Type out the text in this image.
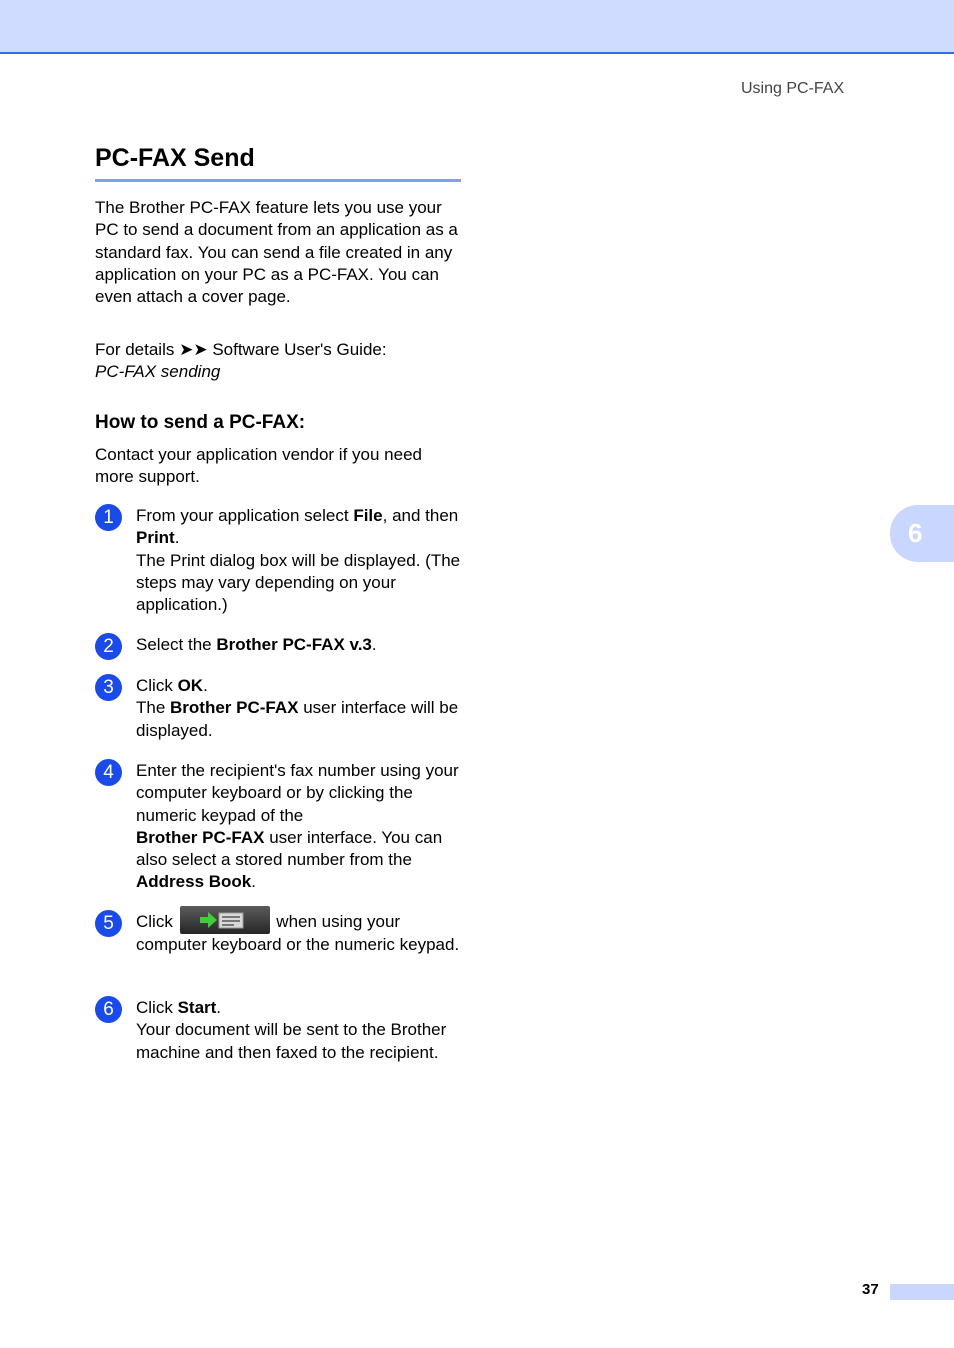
Using PC-FAX
6
PC-FAX Send

The Brother PC-FAX feature lets you use your PC to send a document from an application as a standard fax. You can send a file created in any application on your PC as a PC-FAX. You can even attach a cover page.

For details ➤➤ Software User's Guide:
PC-FAX sending

How to send a PC-FAX:

Contact your application vendor if you need more support.

1	From your application select File, and then Print.
The Print dialog box will be displayed. (The steps may vary depending on your application.)

2	Select the Brother PC-FAX v.3.

3	Click OK.
The Brother PC-FAX user interface will be displayed.

4	Enter the recipient's fax number using your computer keyboard or by clicking the numeric keypad of the
Brother PC-FAX user interface. You can also select a stored number from the Address Book.

5	Click	when using your computer keyboard or the numeric keypad.

6	Click Start.
Your document will be sent to the Brother machine and then faxed to the recipient.

37
